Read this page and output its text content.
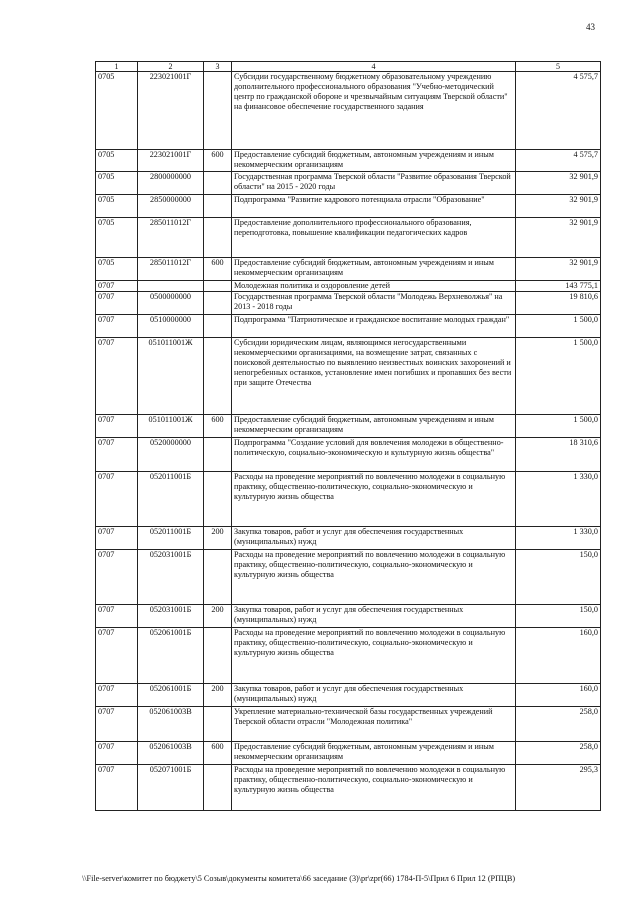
43
1	2	3	4	5
0705	223021001Г		Субсидии государственному бюджетному образовательному учреждению дополнительного профессионального образования "Учебно-методический центр по гражданской обороне и чрезвычайным ситуациям Тверской области" на финансовое обеспечение государственного задания	4 575,7
0705	223021001Г	600	Предоставление субсидий бюджетным, автономным учреждениям и иным некоммерческим организациям	4 575,7
0705	2800000000		Государственная программа Тверской области "Развитие образования Тверской области" на 2015 - 2020 годы	32 901,9
0705	2850000000		Подпрограмма "Развитие кадрового потенциала отрасли "Образование"	32 901,9
0705	285011012Г		Предоставление дополнительного профессионального образования, переподготовка, повышение квалификации педагогических кадров	32 901,9
0705	285011012Г	600	Предоставление субсидий бюджетным, автономным учреждениям и иным некоммерческим организациям	32 901,9
0707			Молодежная политика и оздоровление детей	143 775,1
0707	0500000000		Государственная программа Тверской области "Молодежь Верхневолжья" на 2013 - 2018 годы	19 810,6
0707	0510000000		Подпрограмма "Патриотическое и гражданское воспитание молодых граждан"	1 500,0
0707	051011001Ж		Субсидии юридическим лицам, являющимся негосударственными некоммерческими организациями, на возмещение затрат, связанных с поисковой деятельностью по выявлению неизвестных воинских захоронений и непогребенных останков, установление имен погибших и пропавших без вести при защите Отечества	1 500,0
0707	051011001Ж	600	Предоставление субсидий бюджетным, автономным учреждениям и иным некоммерческим организациям	1 500,0
0707	0520000000		Подпрограмма "Создание условий для вовлечения молодежи в общественно-политическую, социально-экономическую и культурную жизнь общества"	18 310,6
0707	052011001Б		Расходы на проведение мероприятий по вовлечению молодежи в социальную практику, общественно-политическую, социально-экономическую и культурную жизнь общества	1 330,0
0707	052011001Б	200	Закупка товаров, работ и услуг для обеспечения государственных (муниципальных) нужд	1 330,0
0707	052031001Б		Расходы на проведение мероприятий по вовлечению молодежи в социальную практику, общественно-политическую, социально-экономическую и культурную жизнь общества	150,0
0707	052031001Б	200	Закупка товаров, работ и услуг для обеспечения государственных (муниципальных) нужд	150,0
0707	052061001Б		Расходы на проведение мероприятий по вовлечению молодежи в социальную практику, общественно-политическую, социально-экономическую и культурную жизнь общества	160,0
0707	052061001Б	200	Закупка товаров, работ и услуг для обеспечения государственных (муниципальных) нужд	160,0
0707	052061003В		Укрепление материально-технической базы государственных учреждений Тверской области отрасли "Молодежная политика"	258,0
0707	052061003В	600	Предоставление субсидий бюджетным, автономным учреждениям и иным некоммерческим организациям	258,0
0707	052071001Б		Расходы на проведение мероприятий по вовлечению молодежи в социальную практику, общественно-политическую, социально-экономическую и культурную жизнь общества	295,3
\\File-server\комитет по бюджету\5 Созыв\документы комитета\66 заседание (3)\pr\zpr(66) 1784-П-5\Прил 6 Прил 12 (РПЦВ)
